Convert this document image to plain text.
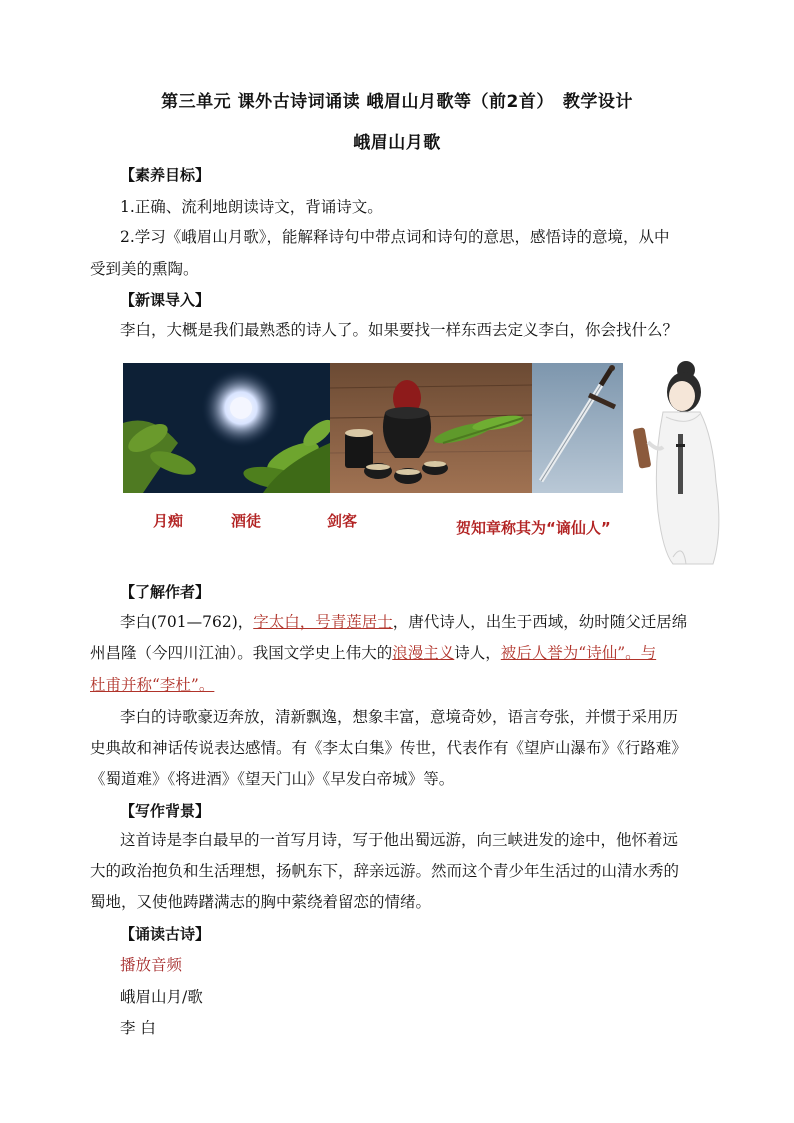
第三单元 课外古诗词诵读 峨眉山月歌等（前2首）　教学设计
峨眉山月歌
【素养目标】
1.正确、流利地朗读诗文，背诵诗文。
2.学习《峨眉山月歌》，能解释诗句中带点词和诗句的意思，感悟诗的意境，从中
受到美的熏陶。
【新课导入】
李白，大概是我们最熟悉的诗人了。如果要找一样东西去定义李白，你会找什么？
月痴	酒徒	剑客	贺知章称其为“谪仙人”
【了解作者】
李白(701—762)，字太白，号青莲居士，唐代诗人，出生于西域，幼时随父迁居绵
州昌隆（今四川江油）。我国文学史上伟大的浪漫主义诗人，被后人誉为“诗仙”。与
杜甫并称“李杜”。
李白的诗歌豪迈奔放，清新飘逸，想象丰富，意境奇妙，语言夸张，并惯于采用历
史典故和神话传说表达感情。有《李太白集》传世，代表作有《望庐山瀑布》《行路难》
《蜀道难》《将进酒》《望天门山》《早发白帝城》等。
【写作背景】
这首诗是李白最早的一首写月诗，写于他出蜀远游，向三峡进发的途中，他怀着远
大的政治抱负和生活理想，扬帆东下，辞亲远游。然而这个青少年生活过的山清水秀的
蜀地，又使他踌躇满志的胸中萦绕着留恋的情绪。
【诵读古诗】
播放音频
峨眉山月/歌
李 白
